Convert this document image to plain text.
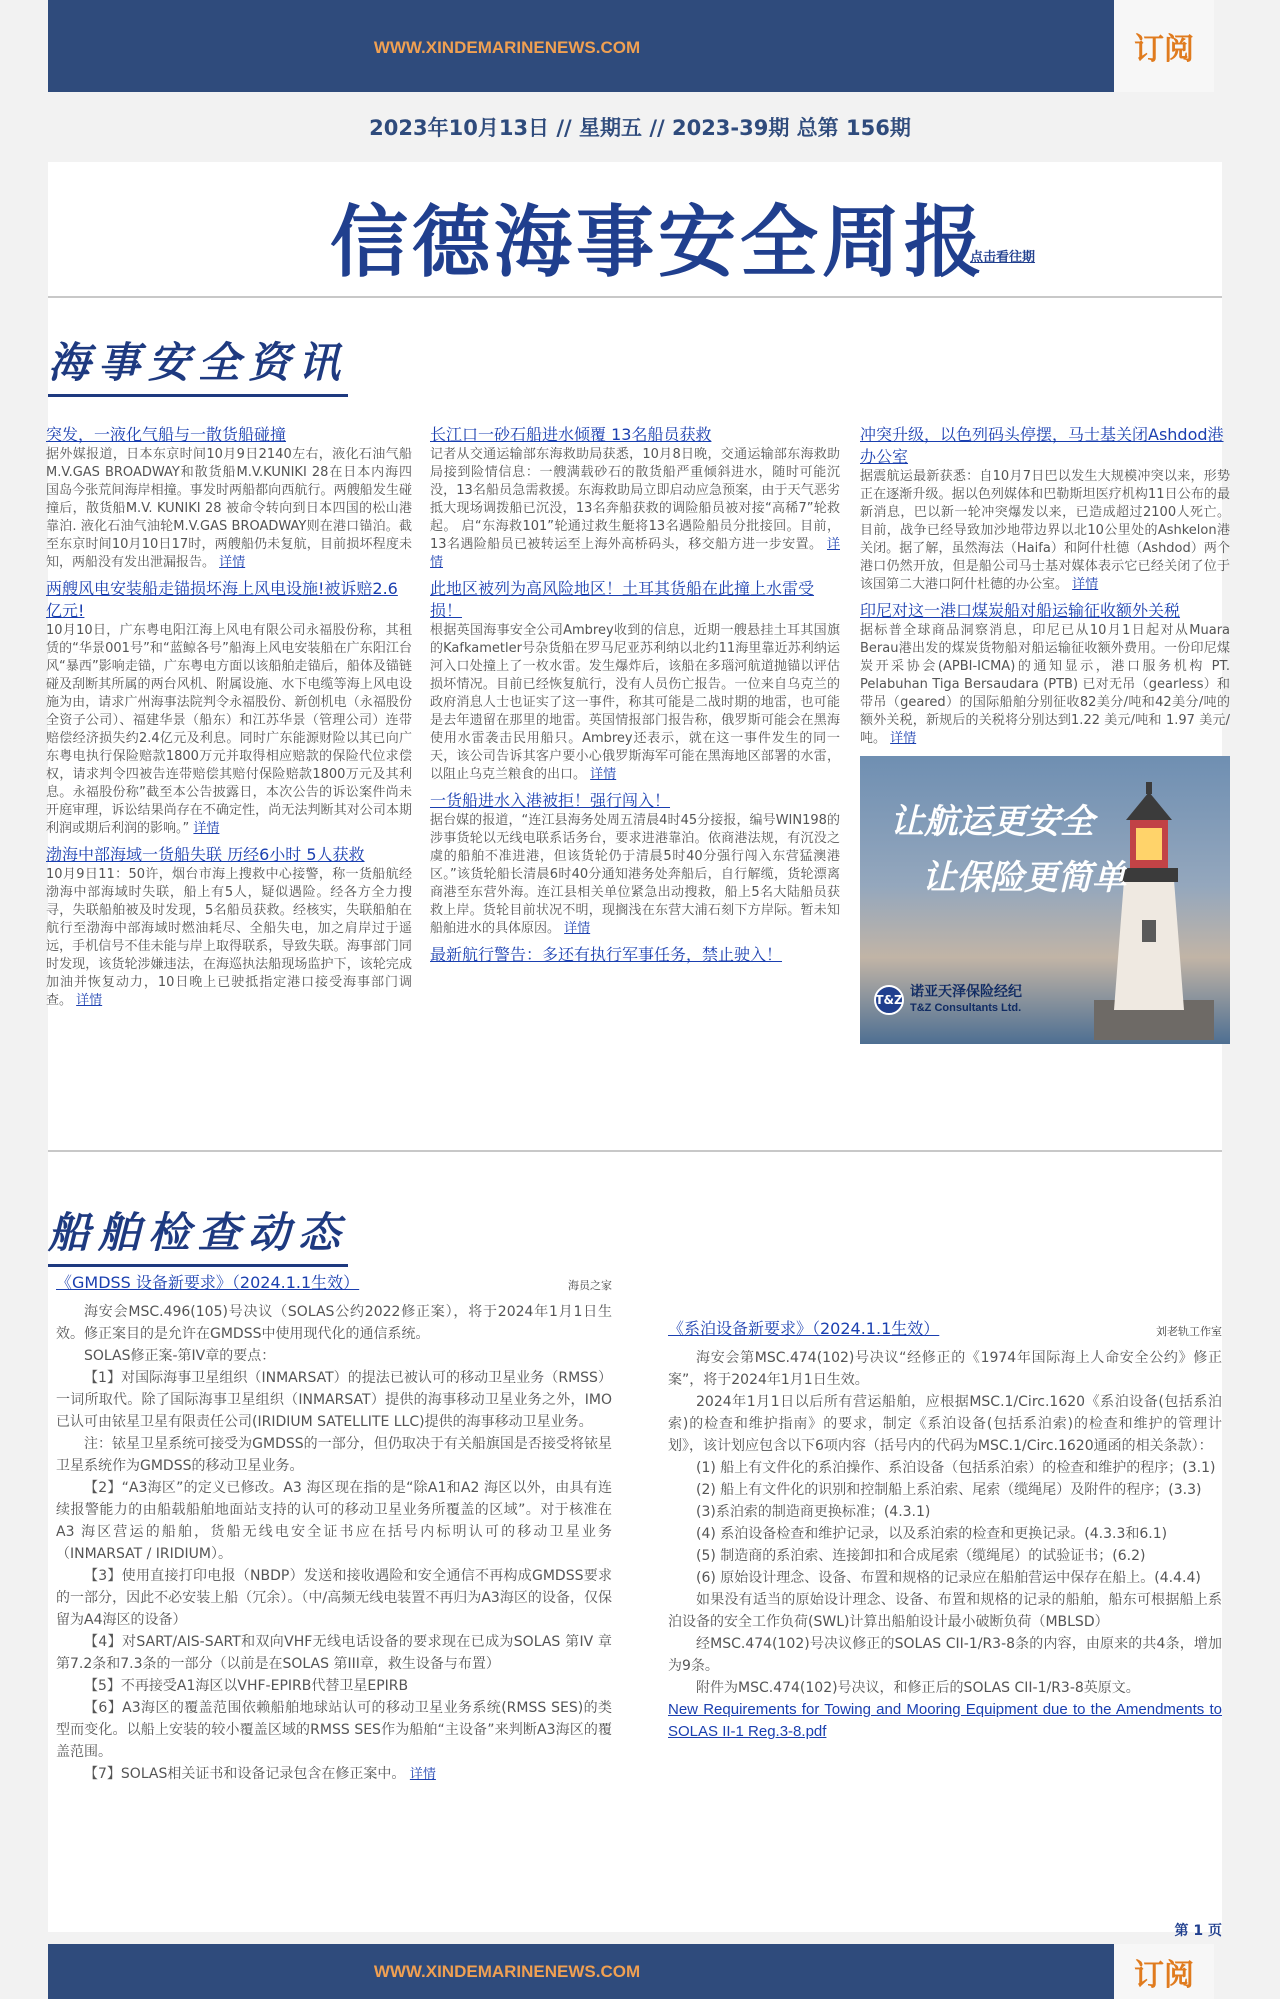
WWW.XINDEMARINENEWS.COM	订阅
2023年10月13日 // 星期五 // 2023-39期 总第 156期
信德海事安全周报
点击看往期
海事安全资讯
突发，一液化气船与一散货船碰撞
据外媒报道，日本东京时间10月9日2140左右，液化石油气船M.V.GAS BROADWAY和散货船M.V.KUNIKI 28在日本内海四国岛今张荒间海岸相撞。事发时两船都向西航行。两艘船发生碰撞后，散货船M.V. KUNIKI 28 被命令转向到日本四国的松山港靠泊. 液化石油气油轮M.V.GAS BROADWAY则在港口锚泊。截至东京时间10月10日17时，两艘船仍未复航，目前损坏程度未知，两船没有发出泄漏报告。 详情
两艘风电安装船走锚损坏海上风电设施!被诉赔2.6亿元!
10月10日，广东粤电阳江海上风电有限公司永福股份称，其租赁的“华景001号”和“蓝鲸各号”船海上风电安装船在广东阳江台风“暴西”影响走锚，广东粤电方面以该船舶走锚后，船体及锚链碰及刮断其所属的两台风机、附属设施、水下电缆等海上风电设施为由，请求广州海事法院判令永福股份、新创机电（永福股份全资子公司）、福建华景（船东）和江苏华景（管理公司）连带赔偿经济损失约2.4亿元及利息。同时广东能源财险以其已向广东粤电执行保险赔款1800万元并取得相应赔款的保险代位求偿权，请求判令四被告连带赔偿其赔付保险赔款1800万元及其利息。永福股份称”截至本公告披露日，本次公告的诉讼案件尚未开庭审理，诉讼结果尚存在不确定性，尚无法判断其对公司本期利润或期后利润的影响。” 详情
渤海中部海域一货船失联 历经6小时 5人获救
10月9日11：50许，烟台市海上搜救中心接警，称一货船航经渤海中部海域时失联，船上有5人，疑似遇险。经各方全力搜寻，失联船舶被及时发现，5名船员获救。经核实，失联船舶在航行至渤海中部海域时燃油耗尽、全船失电，加之肩岸过于遥远，手机信号不佳未能与岸上取得联系，导致失联。海事部门同时发现，该货轮涉嫌违法，在海巡执法船现场监护下，该轮完成加油并恢复动力，10日晚上已驶抵指定港口接受海事部门调查。 详情
长江口一砂石船进水倾覆 13名船员获救
记者从交通运输部东海救助局获悉，10月8日晚，交通运输部东海救助局接到险情信息：一艘满载砂石的散货船严重倾斜进水，随时可能沉没，13名船员急需救援。东海救助局立即启动应急预案，由于天气恶劣抵大现场调拨船已沉没，13名奔船获救的调险船员被对接“高稀7”轮救起。 启“东海救101”轮通过救生艇将13名遇险船员分批接回。目前，13名遇险船员已被转运至上海外高桥码头，移交船方进一步安置。 详情
此地区被列为高风险地区！土耳其货船在此撞上水雷受损！
根据英国海事安全公司Ambrey收到的信息，近期一艘悬挂土耳其国旗的Kafkametler号杂货船在罗马尼亚苏利纳以北约11海里靠近苏利纳运河入口处撞上了一枚水雷。发生爆炸后，该船在多瑙河航道抛锚以评估损坏情况。目前已经恢复航行，没有人员伤亡报告。一位来自乌克兰的政府消息人士也证实了这一事件，称其可能是二战时期的地雷，也可能是去年遗留在那里的地雷。英国情报部门报告称，俄罗斯可能会在黑海使用水雷袭击民用船只。Ambrey还表示，就在这一事件发生的同一天，该公司告诉其客户要小心俄罗斯海军可能在黑海地区部署的水雷，以阻止乌克兰粮食的出口。 详情
一货船进水入港被拒！强行闯入！
据台媒的报道，“连江县海务处周五清晨4时45分接报，编号WIN198的涉事货轮以无线电联系话务台，要求进港靠泊。依商港法规，有沉没之虞的船舶不准进港，但该货轮仍于清晨5时40分强行闯入东营猛澳港区。”该货轮船长清晨6时40分通知港务处奔船后，自行解缆，货轮漂离商港至东营外海。连江县相关单位紧急出动搜救，船上5名大陆船员获救上岸。货轮目前状况不明，现搁浅在东营大浦石刻下方岸际。暂未知船舶进水的具体原因。 详情
最新航行警告：多还有执行军事任务，禁止驶入！
冲突升级，以色列码头停摆，马士基关闭Ashdod港办公室
据震航运最新获悉：自10月7日巴以发生大规模冲突以来，形势正在逐渐升级。据以色列媒体和巴勒斯坦医疗机构11日公布的最新消息，巴以新一轮冲突爆发以来，已造成超过2100人死亡。目前，战争已经导致加沙地带边界以北10公里处的Ashkelon港关闭。据了解，虽然海法（Haifa）和阿什杜德（Ashdod）两个港口仍然开放，但是船公司马士基对媒体表示它已经关闭了位于该国第二大港口阿什杜德的办公室。 详情
印尼对这一港口煤炭船对船运输征收额外关税
据标普全球商品洞察消息，印尼已从10月1日起对从Muara Berau港出发的煤炭货物船对船运输征收额外费用。一份印尼煤炭开采协会(APBI-ICMA)的通知显示，港口服务机构 PT. Pelabuhan Tiga Bersaudara (PTB) 已对无吊（gearless）和带吊（geared）的国际船舶分别征收82美分/吨和42美分/吨的额外关税，新规后的关税将分别达到1.22 美元/吨和 1.97 美元/吨。 详情
让航运更安全
让保险更简单
T&Z 诺亚天泽保险经纪
T&Z Consultants Ltd.
船舶检查动态
《GMDSS 设备新要求》（2024.1.1生效）	海员之家

海安会MSC.496(105)号决议（SOLAS公约2022修正案），将于2024年1月1日生效。修正案目的是允许在GMDSS中使用现代化的通信系统。

SOLAS修正案-第IV章的要点：

【1】对国际海事卫星组织（INMARSAT）的提法已被认可的移动卫星业务（RMSS）一词所取代。除了国际海事卫星组织（INMARSAT）提供的海事移动卫星业务之外，IMO已认可由铱星卫星有限责任公司(IRIDIUM SATELLITE LLC)提供的海事移动卫星业务。

注：铱星卫星系统可接受为GMDSS的一部分，但仍取决于有关船旗国是否接受将铱星卫星系统作为GMDSS的移动卫星业务。

【2】“A3海区”的定义已修改。A3 海区现在指的是“除A1和A2 海区以外，由具有连续报警能力的由船载船舶地面站支持的认可的移动卫星业务所覆盖的区域”。对于核准在A3 海区营运的船舶，货船无线电安全证书应在括号内标明认可的移动卫星业务（INMARSAT / IRIDIUM）。

【3】使用直接打印电报（NBDP）发送和接收遇险和安全通信不再构成GMDSS要求的一部分，因此不必安装上船（冗余）。（中/高频无线电装置不再归为A3海区的设备，仅保留为A4海区的设备）

【4】对SART/AIS-SART和双向VHF无线电话设备的要求现在已成为SOLAS 第IV 章第7.2条和7.3条的一部分（以前是在SOLAS 第III章，救生设备与布置）

【5】不再接受A1海区以VHF-EPIRB代替卫星EPIRB

【6】A3海区的覆盖范围依赖船舶地球站认可的移动卫星业务系统(RMSS SES)的类型而变化。以船上安装的较小覆盖区域的RMSS SES作为船舶“主设备”来判断A3海区的覆盖范围。

【7】SOLAS相关证书和设备记录包含在修正案中。 详情

《系泊设备新要求》（2024.1.1生效）	刘老轨工作室

海安会第MSC.474(102)号决议“经修正的《1974年国际海上人命安全公约》修正案”，将于2024年1月1日生效。

2024年1月1日以后所有营运船舶，应根据MSC.1/Circ.1620《系泊设备(包括系泊索)的检查和维护指南》的要求，制定《系泊设备(包括系泊索)的检查和维护的管理计划》，该计划应包含以下6项内容（括号内的代码为MSC.1/Circ.1620通函的相关条款）：

(1) 船上有文件化的系泊操作、系泊设备（包括系泊索）的检查和维护的程序；(3.1)

(2) 船上有文件化的识别和控制船上系泊索、尾索（缆绳尾）及附件的程序；(3.3)

(3)系泊索的制造商更换标准；(4.3.1)

(4) 系泊设备检查和维护记录，以及系泊索的检查和更换记录。(4.3.3和6.1)

(5) 制造商的系泊索、连接卸扣和合成尾索（缆绳尾）的试验证书；(6.2)

(6) 原始设计理念、设备、布置和规格的记录应在船舶营运中保存在船上。(4.4.4)

如果没有适当的原始设计理念、设备、布置和规格的记录的船舶，船东可根据船上系泊设备的安全工作负荷(SWL)计算出船舶设计最小破断负荷（MBLSD）

经MSC.474(102)号决议修正的SOLAS CII-1/R3-8条的内容，由原来的共4条，增加为9条。

附件为MSC.474(102)号决议，和修正后的SOLAS CII-1/R3-8英原文。

New Requirements for Towing and Mooring Equipment due to the Amendments to SOLAS II-1 Reg.3-8.pdf
第 1 页
WWW.XINDEMARINENEWS.COM	订阅
